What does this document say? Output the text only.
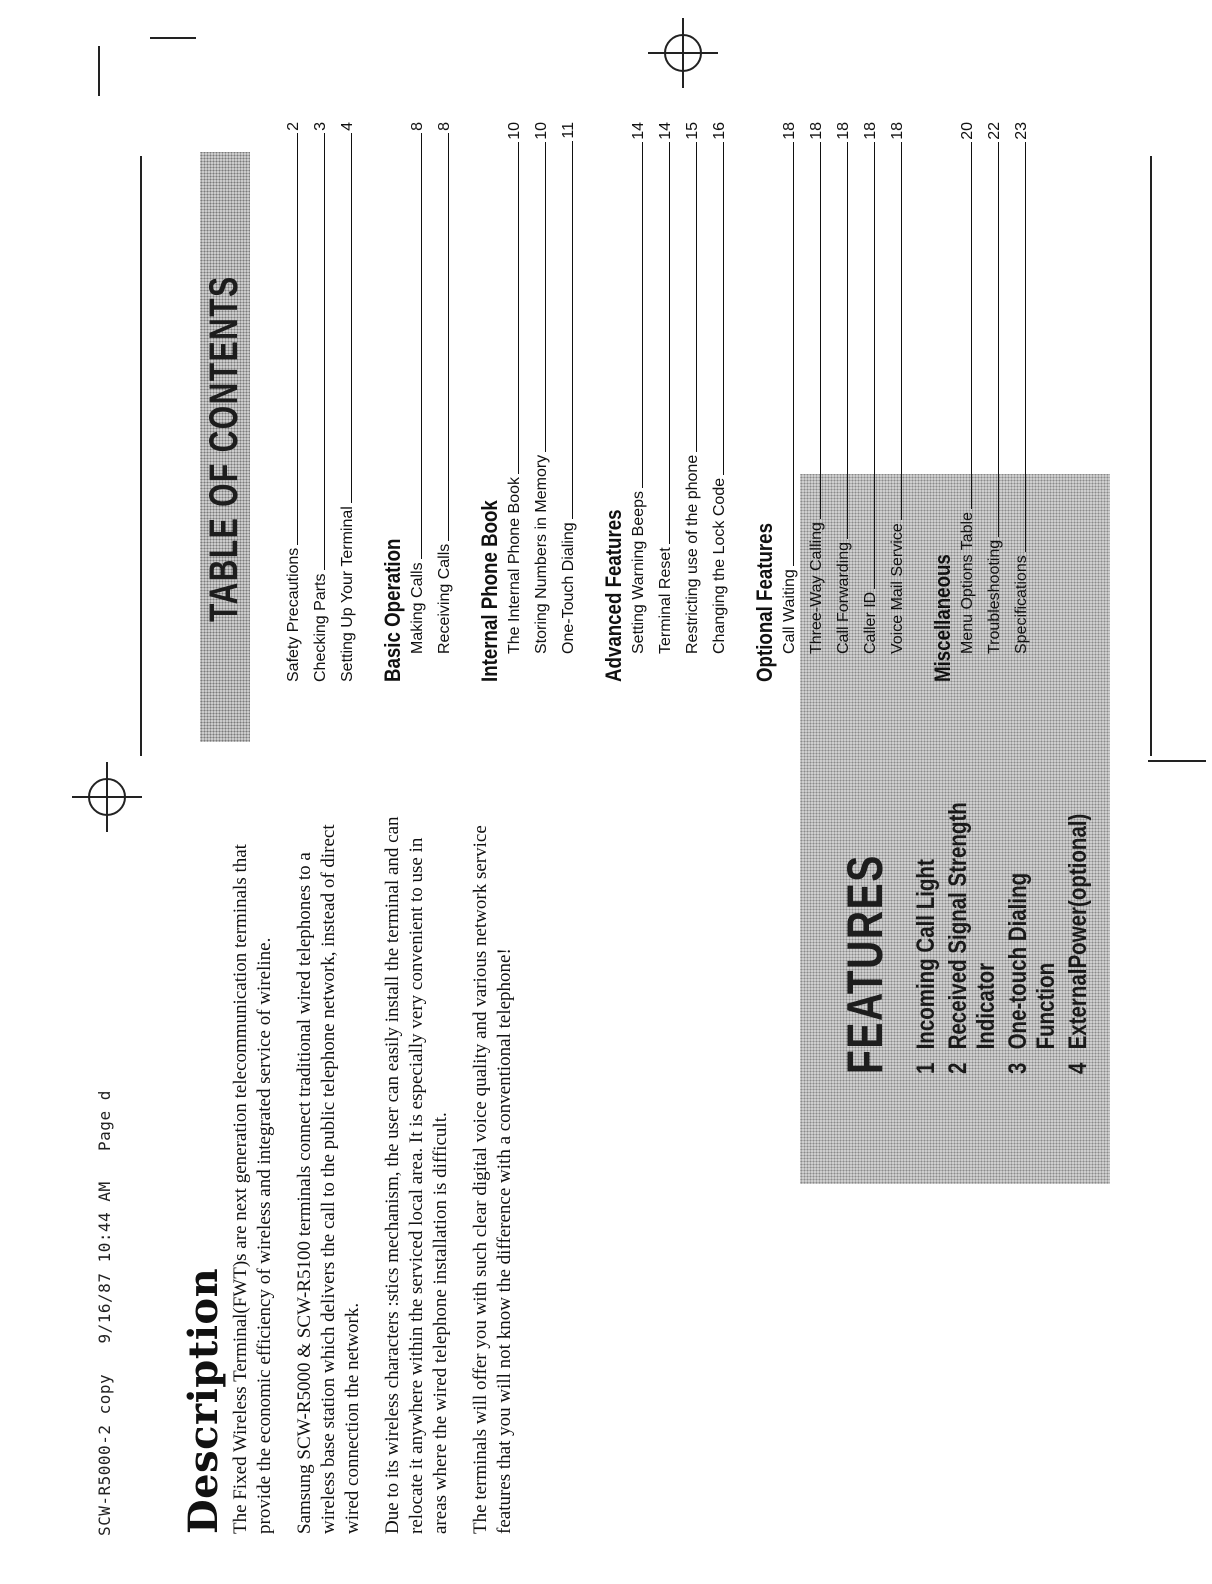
SCW-R5000-2 copy   9/16/87 10:44 AM   Page d Description The Fixed Wireless Terminal(FWT)s are next generation telecommunication terminals that provide the economic efficiency of wireless and integrated service of wireline. Samsung SCW-R5000 & SCW-R5100 terminals connect traditional wired telephones to a wireless base station which delivers the call to the public telephone network, instead of direct wired connection the network. Due to its wireless characters :stics mechanism, the user can easily install the terminal and can relocate it anywhere within the serviced local area. It is especially very convenient to use in areas where the wired telephone installation is difficult. The terminals will offer you with such clear digital voice quality and various network service features that you will not know the difference with a conventional telephone!	FEATURES 1Incoming Call Light
2Received Signal Strength Indicator
3One-touch Dialing Function
4ExternalPower(optional)
TABLE OF CONTENTS Safety Precautions
2
Checking Parts
3
Setting Up Your Terminal
4
Basic Operation Making Calls
8
Receiving Calls
8
Internal Phone Book The Internal Phone Book
10
Storing Numbers in Memory
10
One-Touch Dialing
11
Advanced Features Setting Warning Beeps
14
Terminal Reset
14
Restricting use of the phone
15
Changing the Lock Code
16
Optional Features Call Waiting
18
Three-Way Calling
18
Call Forwarding
18
Caller ID
18
Voice Mail Service
18
Miscellaneous Menu Options Table
20
Troubleshooting
22
Specifications
23
